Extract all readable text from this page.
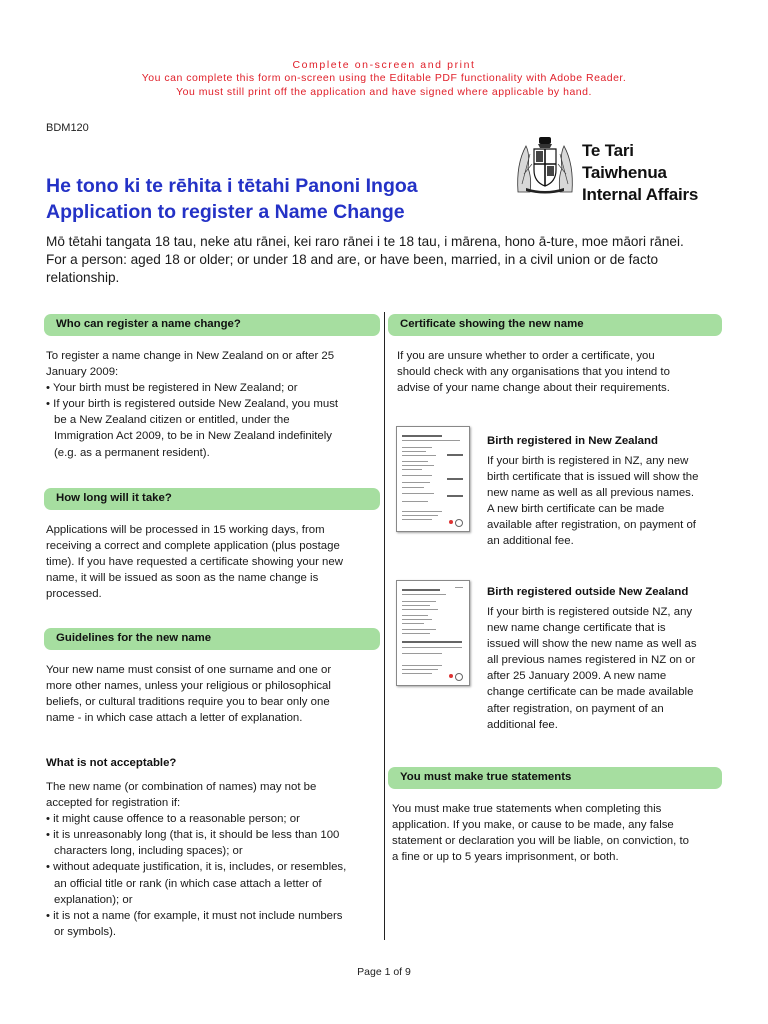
Complete on-screen and print
You can complete this form on-screen using the Editable PDF functionality with Adobe Reader.
You must still print off the application and have signed where applicable by hand.
BDM120
Te Tari Taiwhenua
Internal Affairs
He tono ki te rēhita i tētahi Panoni Ingoa
Application to register a Name Change
Mō tētahi tangata 18 tau, neke atu rānei, kei raro rānei i te 18 tau, i mārena, hono ā-ture, moe māori rānei.
For a person: aged 18 or older; or under 18 and are, or have been, married, in a civil union or de facto relationship.
Who can register a name change?
To register a name change in New Zealand on or after 25
January 2009:
• Your birth must be registered in New Zealand; or
• If your birth is registered outside New Zealand, you must
be a New Zealand citizen or entitled, under the
Immigration Act 2009, to be in New Zealand indefinitely
(e.g. as a permanent resident).
How long will it take?
Applications will be processed in 15 working days, from
receiving a correct and complete application (plus postage
time). If you have requested a certificate showing your new
name, it will be issued as soon as the name change is
processed.
Guidelines for the new name
Your new name must consist of one surname and one or
more other names, unless your religious or philosophical
beliefs, or cultural traditions require you to bear only one
name - in which case attach a letter of explanation.
What is not acceptable?
The new name (or combination of names) may not be
accepted for registration if:
• it might cause offence to a reasonable person; or
• it is unreasonably long (that is, it should be less than 100
characters long, including spaces); or
• without adequate justification, it is, includes, or resembles,
an official title or rank (in which case attach a letter of
explanation); or
• it is not a name (for example, it must not include numbers
or symbols).
Certificate showing the new name
If you are unsure whether to order a certificate, you
should check with any organisations that you intend to
advise of your name change about their requirements.
Birth registered in New Zealand
If your birth is registered in NZ, any new
birth certificate that is issued will show the
new name as well as all previous names.
A new birth certificate can be made
available after registration, on payment of
an additional fee.
Birth registered outside New Zealand
If your birth is registered outside NZ, any
new name change certificate that is
issued will show the new name as well as
all previous names registered in NZ on or
after 25 January 2009. A new name
change certificate can be made available
after registration, on payment of an
additional fee.
You must make true statements
You must make true statements when completing this
application. If you make, or cause to be made, any false
statement or declaration you will be liable, on conviction, to
a fine or up to 5 years imprisonment, or both.
Page 1 of 9
